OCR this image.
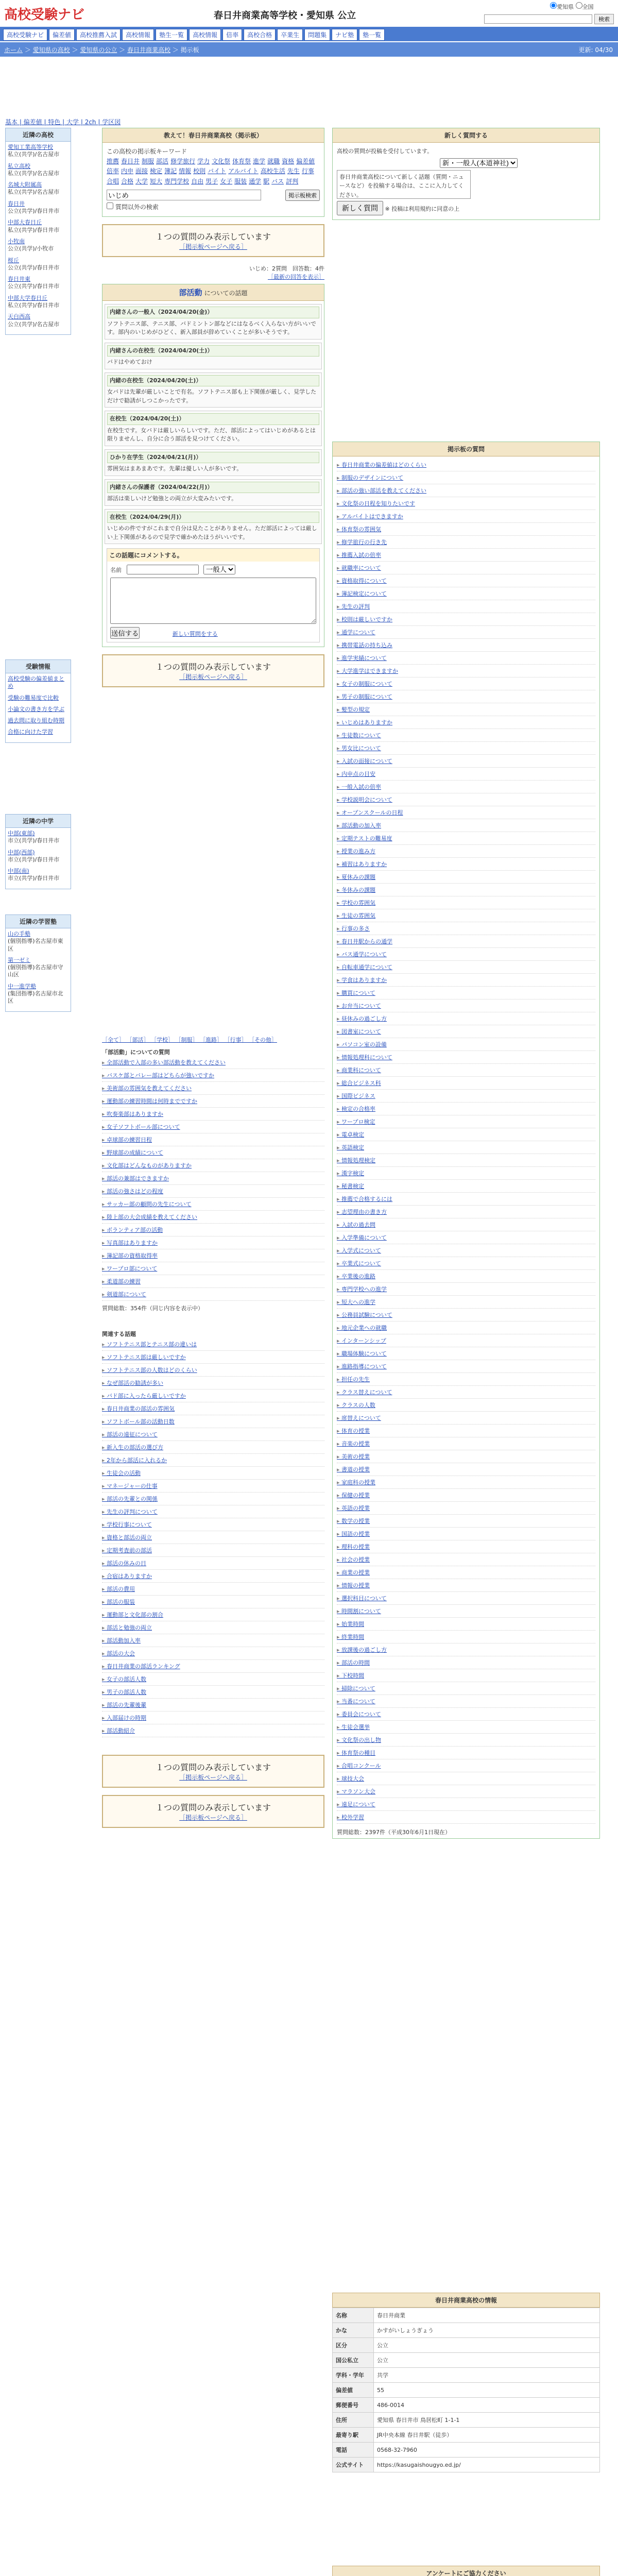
高校受験ナビ	春日井商業高等学校・愛知県 公立
愛知県 全国
検索
高校受験ナビ 偏差値 高校推薦入試 高校情報 塾生一覧 高校情報 倍率 高校合格 卒業生 問題集 ナビ塾 塾一覧
ホーム ＞ 愛知県の高校 ＞ 愛知県の公立 ＞ 春日井商業高校 ＞ 掲示板	更新: 04/30
基本 | 偏差値 | 特色 | 大学 | 2ch | 学区図
近隣の高校
愛知工業高等学校
私立(共学)/名古屋市
私立高校
私立(共学)/名古屋市
名城大附属高
私立(共学)/名古屋市
春日井
公立(共学)/春日井市
中部大春日丘
私立(共学)/春日井市
小牧南
公立(共学)/小牧市
桜丘
公立(共学)/春日井市
春日井東
公立(共学)/春日井市
中部大学春日丘
私立(共学)/春日井市
天白西高
公立(共学)/名古屋市
受験情報
高校受験の偏差値まとめ
受験の難易度で比較
小論文の書き方を学ぶ
過去問に取り組む時期
合格に向けた学習
近隣の中学
中部(東部)
市立(共学)/春日井市
中部(西部)
市立(共学)/春日井市
中部(南)
市立(共学)/春日井市
近隣の学習塾
山の手塾
(個別指導)名古屋市東区
第一ゼミ
(個別指導)名古屋市守山区
中一進学塾
(集団指導)名古屋市北区
教えて！春日井商業高校（掲示板）
この高校の掲示板キーワード
推薦 春日井 制服 部活 修学旅行 学力 文化祭 体育祭 進学 就職 資格 偏差値倍率 内申 面接 検定 簿記 情報 校則 バイト アルバイト 高校生活 先生 行事合唱 合格 大学 短大 専門学校 自由 男子 女子 服装 通学 駅 バス 評判
いじめ
掲示板検索
質問以外の検索
１つの質問のみ表示しています
［掲示板ページへ戻る］
いじめ：2質問　回答数：4件
［最新の回答を表示］
部活動 についての話題
内緒さんの一般人（2024/04/20(金)）
ソフトテニス部、テニス部、バドミントン部などにはなるべく入らない方がいいです。部内のいじめがひどく、新入部員が辞めていくことが多いそうです。
内緒さんの在校生（2024/04/20(土)）
バドはやめておけ
内緒の在校生（2024/04/20(土)）
女バドは先輩が厳しいことで有名。ソフトテニス部も上下関係が厳しく、見学しただけで勧誘がしつこかったです。
在校生（2024/04/20(土)）
在校生です。女バドは厳しいらしいです。ただ、部活によってはいじめがあるとは限りませんし、自分に合う部活を見つけてください。
ひかり在学生（2024/04/21(月)）
雰囲気はまあまあです。先輩は優しい人が多いです。
内緒さんの保護者（2024/04/22(月)）
部活は楽しいけど勉強との両立が大変みたいです。
在校生（2024/04/29(月)）
いじめの件ですがこれまで自分は見たことがありません。ただ部活によっては厳しい上下関係があるので見学で確かめたほうがいいです。
この話題にコメントする。
名前
一般人
送信する	新しい質問をする
１つの質問のみ表示しています
［掲示板ページへ戻る］
［全て］ ［部活］ ［学校］ ［制服］ ［進路］ ［行事］ ［その他］
「部活動」についての質問
▸ 全部活動で入部の多い部活動を教えてください
▸ バスケ部とバレー部はどちらが強いですか
▸ 美術部の雰囲気を教えてください
▸ 運動部の練習時間は何時までですか
▸ 吹奏楽部はありますか
▸ 女子ソフトボール部について
▸ 卓球部の練習日程
▸ 野球部の成績について
▸ 文化部はどんなものがありますか
▸ 部活の兼部はできますか
▸ 部活の強さはどの程度
▸ サッカー部の顧問の先生について
▸ 陸上部の大会成績を教えてください
▸ ボランティア部の活動
▸ 写真部はありますか
▸ 簿記部の資格取得率
▸ ワープロ部について
▸ 柔道部の練習
▸ 剣道部について
質問総数：354件（同じ内容を表示中）
関連する話題
▸ ソフトテニス部とテニス部の違いは
▸ ソフトテニス部は厳しいですか
▸ ソフトテニス部の人数はどのくらい
▸ なぜ部活の勧誘が多い
▸ バド部に入ったら厳しいですか
▸ 春日井商業の部活の雰囲気
▸ ソフトボール部の活動日数
▸ 部活の遠征について
▸ 新入生の部活の選び方
▸ 2年から部活に入れるか
▸ 生徒会の活動
▸ マネージャーの仕事
▸ 部活の先輩との関係
▸ 先生の評判について
▸ 学校行事について
▸ 資格と部活の両立
▸ 定期考査前の部活
▸ 部活の休みの日
▸ 合宿はありますか
▸ 部活の費用
▸ 部活の服装
▸ 運動部と文化部の割合
▸ 部活と勉強の両立
▸ 部活動加入率
▸ 部活の大会
▸ 春日井商業の部活ランキング
▸ 女子の部活人数
▸ 男子の部活人数
▸ 部活の先輩後輩
▸ 入部届けの時期
▸ 部活動紹介
１つの質問のみ表示しています
［掲示板ページへ戻る］
１つの質問のみ表示しています
［掲示板ページへ戻る］
新しく質問する
高校の質問が投稿を受付しています。
新・一般人(本道神社)
春日井商業高校について新しく話題（質問・ニュースなど）を投稿する場合は、ここに入力してください。
新しく質問 ※ 投稿は利用規約に同意の上
掲示板の質問
▸ 春日井商業の偏差値はどのくらい
▸ 制服のデザインについて
▸ 部活の強い部活を教えてください
▸ 文化祭の日程を知りたいです
▸ アルバイトはできますか
▸ 体育祭の雰囲気
▸ 修学旅行の行き先
▸ 推薦入試の倍率
▸ 就職率について
▸ 資格取得について
▸ 簿記検定について
▸ 先生の評判
▸ 校則は厳しいですか
▸ 通学について
▸ 携帯電話の持ち込み
▸ 進学実績について
▸ 大学進学はできますか
▸ 女子の制服について
▸ 男子の制服について
▸ 髪型の規定
▸ いじめはありますか
▸ 生徒数について
▸ 男女比について
▸ 入試の面接について
▸ 内申点の目安
▸ 一般入試の倍率
▸ 学校説明会について
▸ オープンスクールの日程
▸ 部活動の加入率
▸ 定期テストの難易度
▸ 授業の進み方
▸ 補習はありますか
▸ 夏休みの課題
▸ 冬休みの課題
▸ 学校の雰囲気
▸ 生徒の雰囲気
▸ 行事の多さ
▸ 春日井駅からの通学
▸ バス通学について
▸ 自転車通学について
▸ 学食はありますか
▸ 購買について
▸ お弁当について
▸ 昼休みの過ごし方
▸ 図書室について
▸ パソコン室の設備
▸ 情報処理科について
▸ 商業科について
▸ 総合ビジネス科
▸ 国際ビジネス
▸ 検定の合格率
▸ ワープロ検定
▸ 電卓検定
▸ 英語検定
▸ 情報処理検定
▸ 漢字検定
▸ 秘書検定
▸ 推薦で合格するには
▸ 志望理由の書き方
▸ 入試の過去問
▸ 入学準備について
▸ 入学式について
▸ 卒業式について
▸ 卒業後の進路
▸ 専門学校への進学
▸ 短大への進学
▸ 公務員試験について
▸ 地元企業への就職
▸ インターンシップ
▸ 職場体験について
▸ 進路指導について
▸ 担任の先生
▸ クラス替えについて
▸ クラスの人数
▸ 席替えについて
▸ 体育の授業
▸ 音楽の授業
▸ 美術の授業
▸ 書道の授業
▸ 家庭科の授業
▸ 保健の授業
▸ 英語の授業
▸ 数学の授業
▸ 国語の授業
▸ 理科の授業
▸ 社会の授業
▸ 商業の授業
▸ 情報の授業
▸ 選択科目について
▸ 時間割について
▸ 始業時間
▸ 終業時間
▸ 放課後の過ごし方
▸ 部活の時間
▸ 下校時間
▸ 掃除について
▸ 当番について
▸ 委員会について
▸ 生徒会選挙
▸ 文化祭の出し物
▸ 体育祭の種目
▸ 合唱コンクール
▸ 球技大会
▸ マラソン大会
▸ 遠足について
▸ 校外学習
質問総数：2397件（平成30年6月1日現在）
春日井商業高校の情報
名称	春日井商業
かな	かすがいしょうぎょう
区分	公立
国公私立	公立
学科・学年	共学
偏差値	55
郵便番号	486-0014
住所	愛知県 春日井市 鳥居松町 1-1-1
最寄り駅	JR中央本線 春日井駅（徒歩）
電話	0568-32-7960
公式サイト	https://kasugaishougyo.ed.jp/
アンケートにご協力ください
